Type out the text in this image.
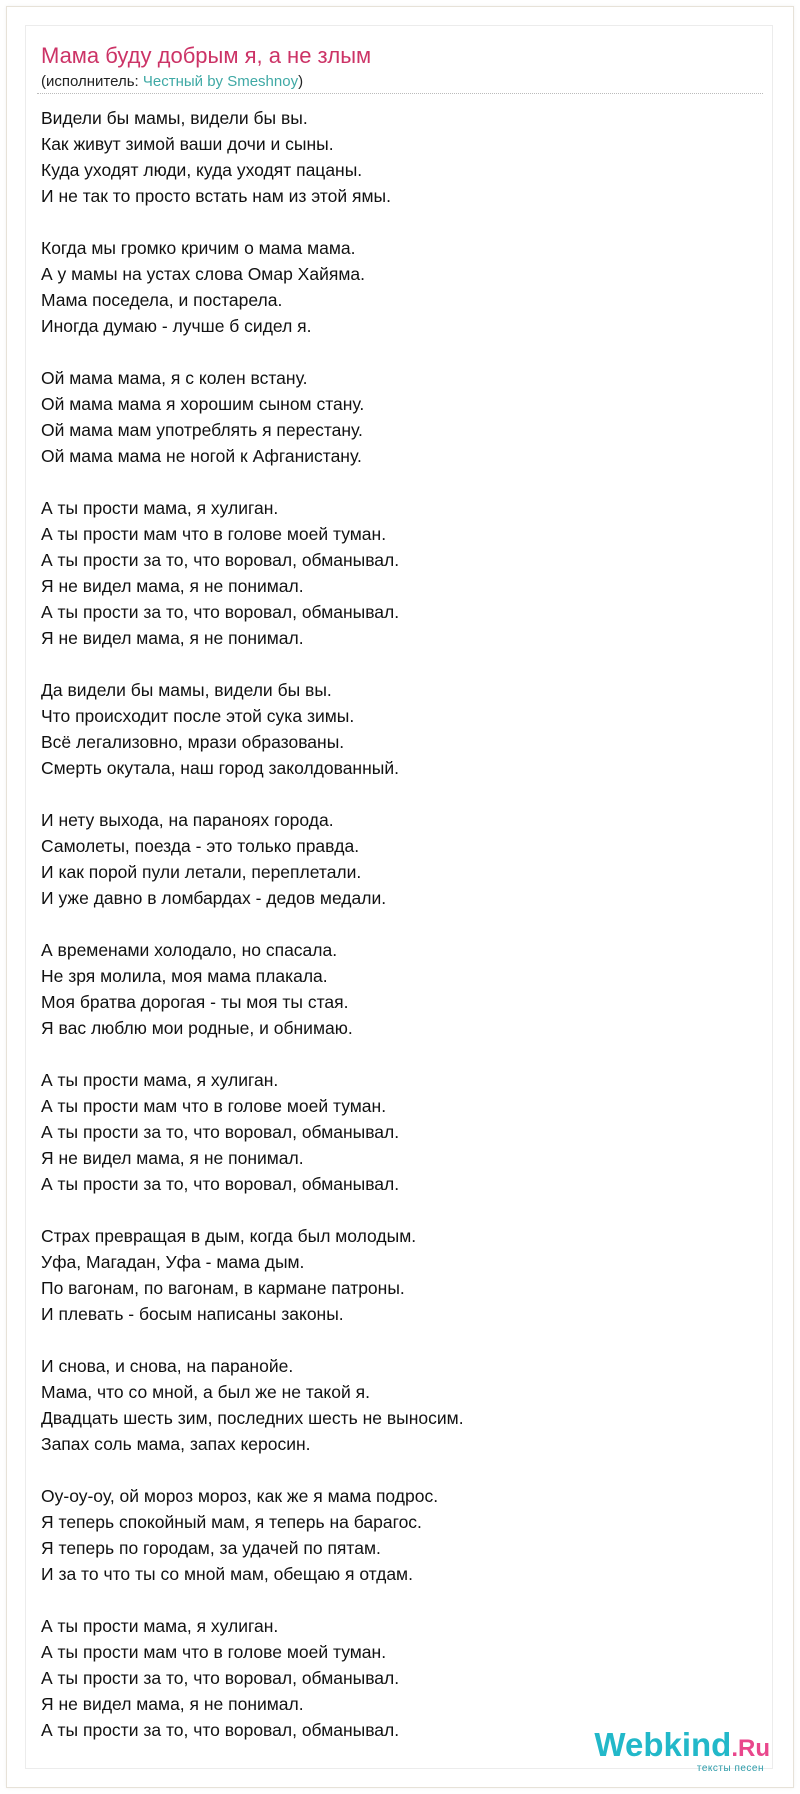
Мама буду добрым я, а не злым
(исполнитель: Честный by Smeshnoy)
Видели бы мамы, видели бы вы.
Как живут зимой ваши дочи и сыны.
Куда уходят люди, куда уходят пацаны.
И не так то просто встать нам из этой ямы.
Когда мы громко кричим о мама мама.
А у мамы на устах слова Омар Хайяма.
Мама поседела, и постарела.
Иногда думаю - лучше б сидел я.
Ой мама мама, я с колен встану.
Ой мама мама я хорошим сыном стану.
Ой мама мам употреблять я перестану.
Ой мама мама не ногой к Афганистану.
А ты прости мама, я хулиган.
А ты прости мам что в голове моей туман.
А ты прости за то, что воровал, обманывал.
Я не видел мама, я не понимал.
А ты прости за то, что воровал, обманывал.
Я не видел мама, я не понимал.
Да видели бы мамы, видели бы вы.
Что происходит после этой сука зимы.
Всё легализовно, мрази образованы.
Смерть окутала, наш город заколдованный.
И нету выхода, на параноях города.
Самолеты, поезда - это только правда.
И как порой пули летали, переплетали.
И уже давно в ломбардах - дедов медали.
А временами холодало, но спасала.
Не зря молила, моя мама плакала.
Моя братва дорогая - ты моя ты стая.
Я вас люблю мои родные, и обнимаю.
А ты прости мама, я хулиган.
А ты прости мам что в голове моей туман.
А ты прости за то, что воровал, обманывал.
Я не видел мама, я не понимал.
А ты прости за то, что воровал, обманывал.
Страх превращая в дым, когда был молодым.
Уфа, Магадан, Уфа - мама дым.
По вагонам, по вагонам, в кармане патроны.
И плевать - босым написаны законы.
И снова, и снова, на паранойе.
Мама, что со мной, а был же не такой я.
Двадцать шесть зим, последних шесть не выносим.
Запах соль мама, запах керосин.
Оу-оу-оу, ой мороз мороз, как же я мама подрос.
Я теперь спокойный мам, я теперь на барагос.
Я теперь по городам, за удачей по пятам.
И за то что ты со мной мам, обещаю я отдам.
А ты прости мама, я хулиган.
А ты прости мам что в голове моей туман.
А ты прости за то, что воровал, обманывал.
Я не видел мама, я не понимал.
А ты прости за то, что воровал, обманывал.	Webkind.Ru
тексты песен
